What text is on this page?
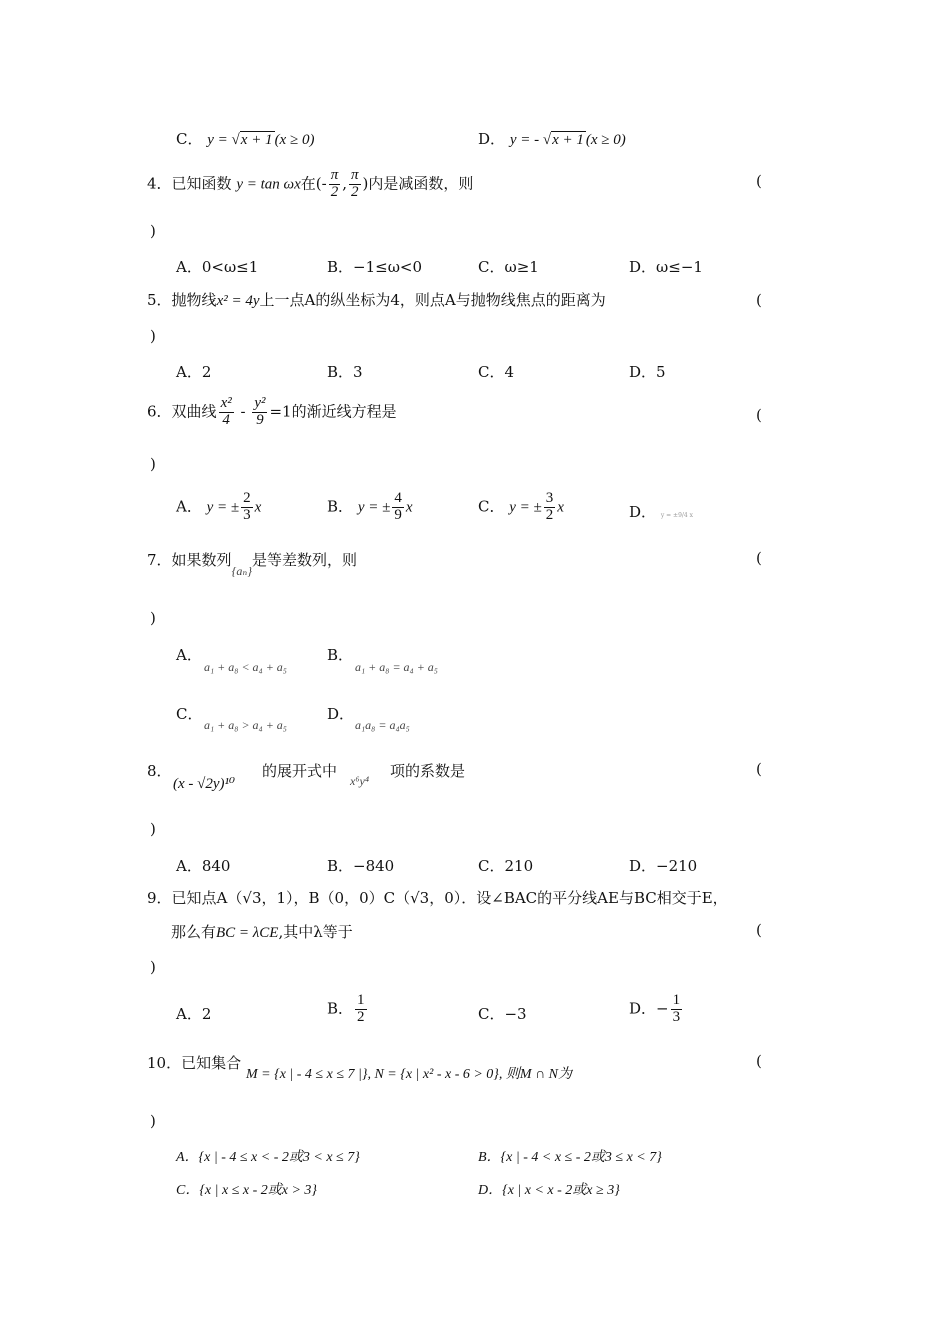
C． y = √x + 1 (x ≥ 0)	D． y = - √x + 1 (x ≥ 0)
4．已知函数 y = tan ωx在(- $\frac{\pi}{2}$ , $\frac{\pi}{2}$ )内是减函数，则	(
)
A．0<ω≤1	B．−1≤ω<0	C．ω≥1	D．ω≤−1
5．抛物线x² = 4y上一点A的纵坐标为4，则点A与抛物线焦点的距离为	(
)
A．2	B．3	C．4	D．5
6．双曲线 $\frac{\text{x²}}{4} - \frac{\text{y²}}{9} =1$的渐近线方程是	(
)
A． y = ± $\frac{2}{3}$ x	B． y = ± $\frac{4}{9}$ x	C． y = ± $\frac{3}{2}$ x	D． y = ±9/4 x
7．如果数列$_{\{a_n\}}$是等差数列，则	(
)
A．
a₁ + a₈ < a₄ + a₅
B．
a₁ + a₈ = a₄ + a₅
C．
a₁ + a₈ > a₄ + a₅
D．
a₁a₈ = a₄a₅
8．
(x - √2y)¹⁰
的展开式中
x⁶y⁴
项的系数是	(
)
A．840	B．−840	C．210	D．−210
9．已知点A（√3，1），B（0，0）C（√3，0）．设∠BAC的平分线AE与BC相交于E，
那么有BC = λCE,其中λ等于	(
)
A．2	B． $\frac{1}{2}$	C．−3	D．− $\frac{1}{3}$
10．已知集合
M = {x | - 4 ≤ x ≤ 7 |}, N = {x | x² - x - 6 > 0}, 则M ∩ N为
(
)
A．{x | - 4 ≤ x < - 2或3 < x ≤ 7}	B．{x | - 4 < x ≤ - 2或3 ≤ x < 7}
C．{x | x ≤ x - 2或x > 3}	D．{x | x < x - 2或x ≥ 3}
